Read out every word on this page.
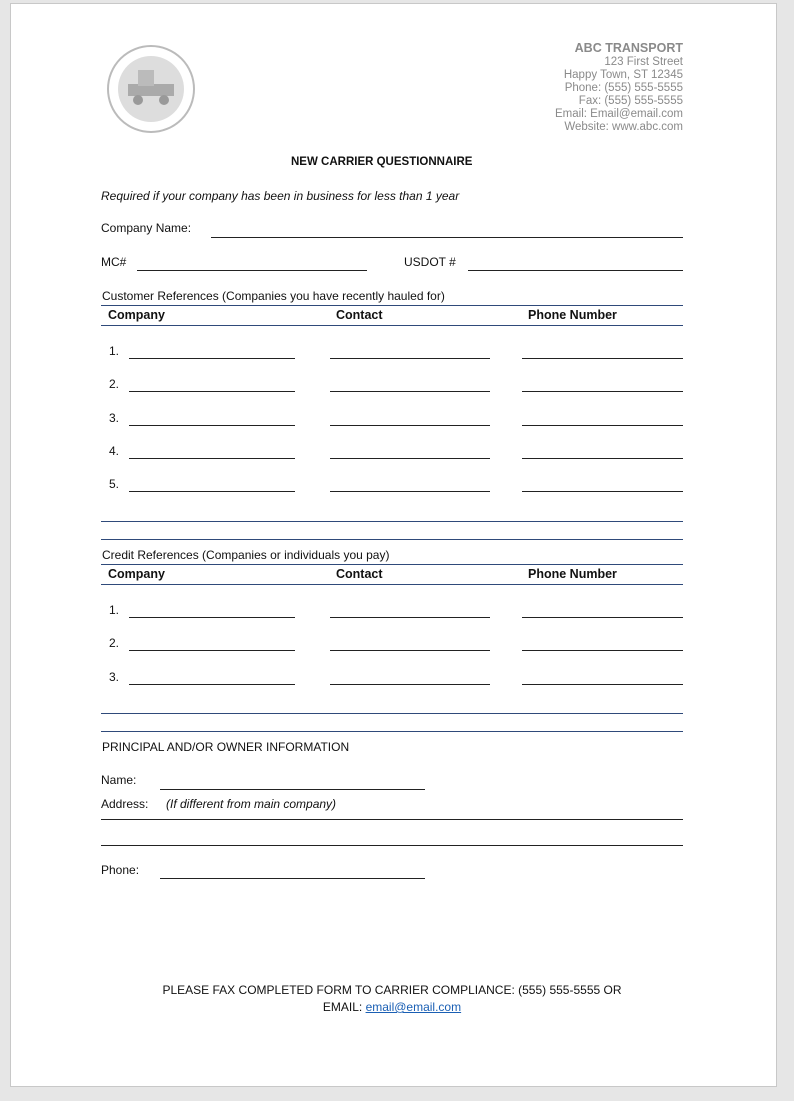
ABC TRANSPORT
123 First Street
Happy Town, ST 12345
Phone: (555) 555-5555
Fax: (555) 555-5555
Email: Email@email.com
Website: www.abc.com
NEW CARRIER QUESTIONNAIRE
Required if your company has been in business for less than 1 year
Company Name:
MC#	USDOT #
PRINCIPAL AND/OR OWNER INFORMATION
Name:
Address: (If different from main company)
Phone:
PLEASE FAX COMPLETED FORM TO CARRIER COMPLIANCE: (555) 555-5555 OR
EMAIL: email@email.com
Customer References (Companies you have recently hauled for)
Company	Contact	Phone Number
1.
2.
3.
4.
5.
Credit References (Companies or individuals you pay)
Company	Contact	Phone Number
1.
2.
3.
